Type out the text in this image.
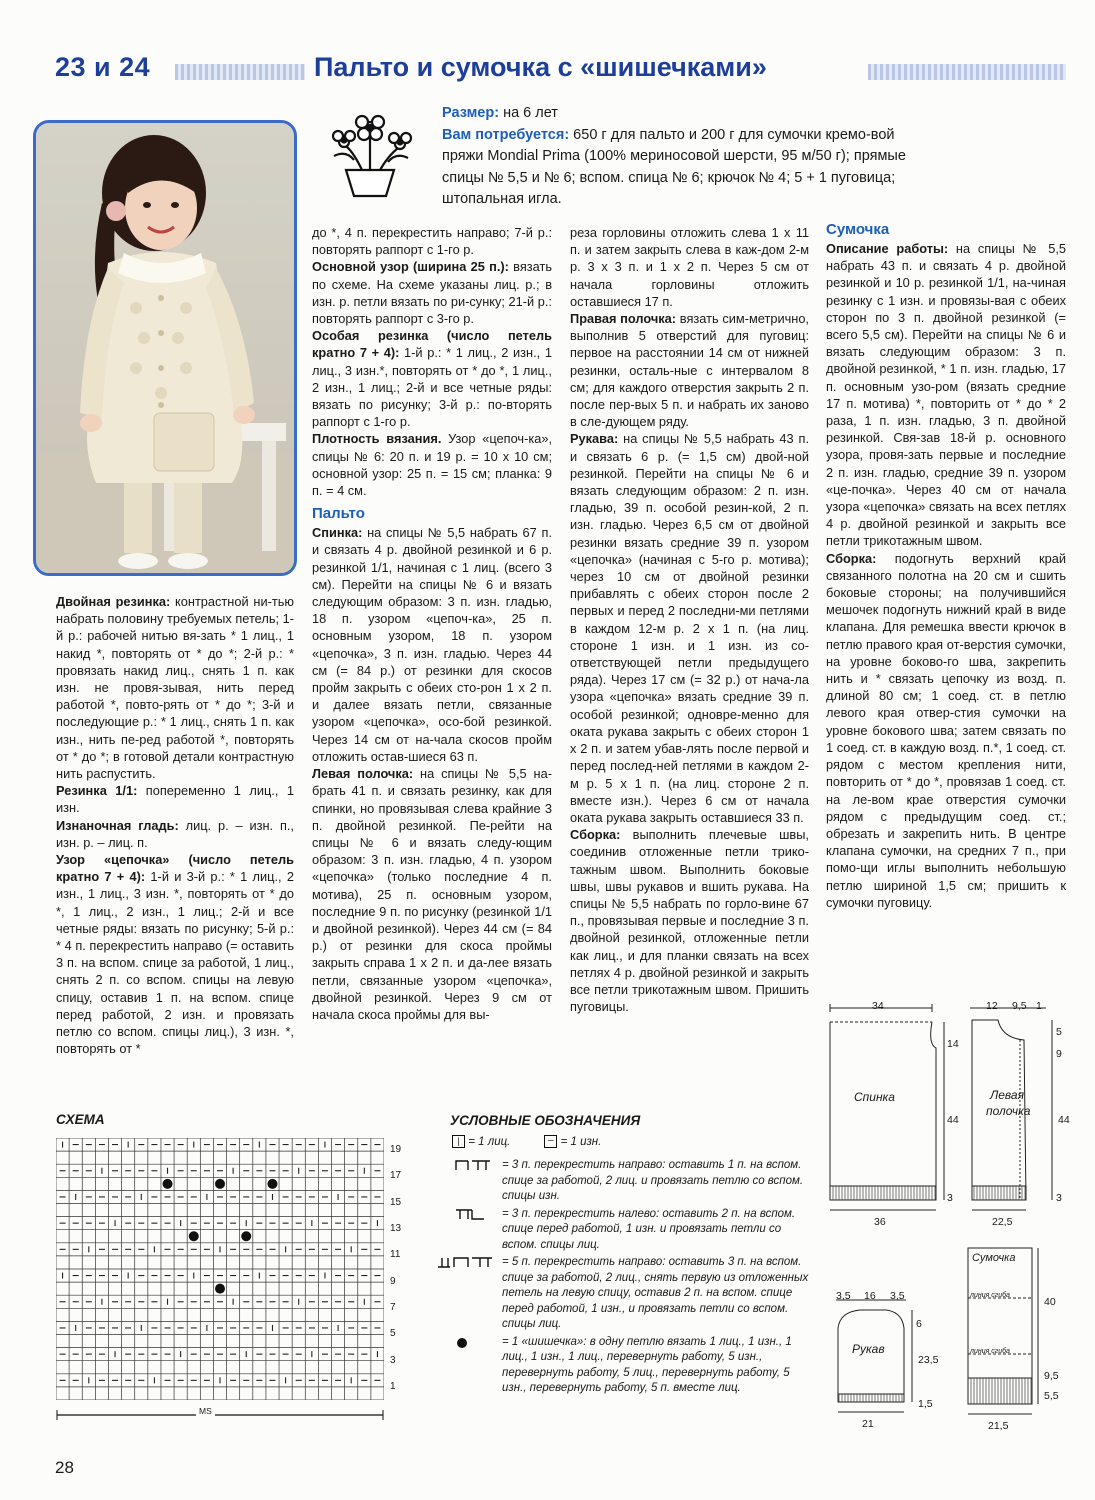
23 и 24	Пальто и сумочка с «шишечками»
Размер: на 6 лет
Вам потребуется: 650 г для пальто и 200 г для сумочки кремо-вой пряжи Mondial Prima (100% мериносовой шерсти, 95 м/50 г); прямые спицы № 5,5 и № 6; вспом. спица № 6; крючок № 4; 5 + 1 пуговица; штопальная игла.

до *, 4 п. перекрестить направо; 7-й р.: повторять раппорт с 1-го р.

Основной узор (ширина 25 п.): вязать по схеме. На схеме указаны лиц. р.; в изн. р. петли вязать по ри-сунку; 21-й р.: повторять раппорт с 3-го р.

Особая резинка (число петель кратно 7 + 4): 1-й р.: * 1 лиц., 2 изн., 1 лиц., 3 изн.*, повторять от * до *, 1 лиц., 2 изн., 1 лиц.; 2-й и все четные ряды: вязать по рисунку; 3-й р.: по-вторять раппорт с 1-го р.

Плотность вязания. Узор «цепоч-ка», спицы № 6: 20 п. и 19 р. = 10 х 10 см; основной узор: 25 п. = 15 см; планка: 9 п. = 4 см.

Пальто

Спинка: на спицы № 5,5 набрать 67 п. и связать 4 р. двойной резинкой и 6 р. резинкой 1/1, начиная с 1 лиц. (всего 3 см). Перейти на спицы № 6 и вязать следующим образом: 3 п. изн. гладью, 18 п. узором «цепоч-ка», 25 п. основным узором, 18 п. узором «цепочка», 3 п. изн. гладью. Через 44 см (= 84 р.) от резинки для скосов пройм закрыть с обеих сто-рон 1 х 2 п. и далее вязать петли, связанные узором «цепочка», осо-бой резинкой. Через 14 см от на-чала скосов пройм отложить остав-шиеся 63 п.

Левая полочка: на спицы № 5,5 на-брать 41 п. и связать резинку, как для спинки, но провязывая слева крайние 3 п. двойной резинкой. Пе-рейти на спицы № 6 и вязать следу-ющим образом: 3 п. изн. гладью, 4 п. узором «цепочка» (только последние 4 п. мотива), 25 п. основным узором, последние 9 п. по рисунку (резинкой 1/1 и двойной резинкой). Через 44 см (= 84 р.) от резинки для скоса проймы закрыть справа 1 х 2 п. и да-лее вязать петли, связанные узором «цепочка», двойной резинкой. Через 9 см от начала скоса проймы для вы-

реза горловины отложить слева 1 х 11 п. и затем закрыть слева в каж-дом 2-м р. 3 х 3 п. и 1 х 2 п. Через 5 см от начала горловины отложить оставшиеся 17 п.

Правая полочка: вязать сим-метрично, выполнив 5 отверстий для пуговиц: первое на расстоянии 14 см от нижней резинки, осталь-ные с интервалом 8 см; для каждого отверстия закрыть 2 п. после пер-вых 5 п. и набрать их заново в сле-дующем ряду.

Рукава: на спицы № 5,5 набрать 43 п. и связать 6 р. (= 1,5 см) двой-ной резинкой. Перейти на спицы № 6 и вязать следующим образом: 2 п. изн. гладью, 39 п. особой резин-кой, 2 п. изн. гладью. Через 6,5 см от двойной резинки вязать средние 39 п. узором «цепочка» (начиная с 5-го р. мотива); через 10 см от двойной резинки прибавлять с обеих сторон после 2 первых и перед 2 последни-ми петлями в каждом 12-м р. 2 х 1 п. (на лиц. стороне 1 изн. и 1 изн. из со-ответствующей петли предыдущего ряда). Через 17 см (= 32 р.) от нача-ла узора «цепочка» вязать средние 39 п. особой резинкой; одновре-менно для оката рукава закрыть с обеих сторон 1 х 2 п. и затем убав-лять после первой и перед послед-ней петлями в каждом 2-м р. 5 х 1 п. (на лиц. стороне 2 п. вместе изн.). Через 6 см от начала оката рукава закрыть оставшиеся 33 п.

Сборка: выполнить плечевые швы, соединив отложенные петли трико-тажным швом. Выполнить боковые швы, швы рукавов и вшить рукава. На спицы № 5,5 набрать по горло-вине 67 п., провязывая первые и последние 3 п. двойной резинкой, отложенные петли как лиц., и для планки связать на всех петлях 4 р. двойной резинкой и закрыть все петли трикотажным швом. Пришить пуговицы.

Сумочка

Описание работы: на спицы № 5,5 набрать 43 п. и связать 4 р. двойной резинкой и 10 р. резинкой 1/1, на-чиная резинку с 1 изн. и провязы-вая с обеих сторон по 3 п. двойной резинкой (= всего 5,5 см). Перейти на спицы № 6 и вязать следующим образом: 3 п. двойной резинкой, * 1 п. изн. гладью, 17 п. основным узо-ром (вязать средние 17 п. мотива) *, повторить от * до * 2 раза, 1 п. изн. гладью, 3 п. двойной резинкой. Свя-зав 18-й р. основного узора, провя-зать первые и последние 2 п. изн. гладью, средние 39 п. узором «це-почка». Через 40 см от начала узора «цепочка» связать на всех петлях 4 р. двойной резинкой и закрыть все петли трикотажным швом.

Сборка: подогнуть верхний край связанного полотна на 20 см и сшить боковые стороны; на получившийся мешочек подогнуть нижний край в виде клапана. Для ремешка ввести крючок в петлю правого края от-верстия сумочки, на уровне боково-го шва, закрепить нить и * связать цепочку из возд. п. длиной 80 см; 1 соед. ст. в петлю левого края отвер-стия сумочки на уровне бокового шва; затем связать по 1 соед. ст. в каждую возд. п.*, 1 соед. ст. рядом с местом крепления нити, повторить от * до *, провязав 1 соед. ст. на ле-вом крае отверстия сумочки рядом с предыдущим соед. ст.; обрезать и закрепить нить. В центре клапана сумочки, на средних 7 п., при помо-щи иглы выполнить небольшую петлю шириной 1,5 см; пришить к сумочки пуговицу.

Двойная резинка: контрастной ни-тью набрать половину требуемых петель; 1-й р.: рабочей нитью вя-зать * 1 лиц., 1 накид *, повторять от * до *; 2-й р.: * провязать накид лиц., снять 1 п. как изн. не провя-зывая, нить перед работой *, повто-рять от * до *; 3-й и последующие р.: * 1 лиц., снять 1 п. как изн., нить пе-ред работой *, повторять от * до *; в готовой детали контрастную нить распустить.

Резинка 1/1: попеременно 1 лиц., 1 изн.

Изнаночная гладь: лиц. р. – изн. п., изн. р. – лиц. п.

Узор «цепочка» (число петель кратно 7 + 4): 1-й и 3-й р.: * 1 лиц., 2 изн., 1 лиц., 3 изн. *, повторять от * до *, 1 лиц., 2 изн., 1 лиц.; 2-й и все четные ряды: вязать по рисунку; 5-й р.: * 4 п. перекрестить направо (= оставить 3 п. на вспом. спице за работой, 1 лиц., снять 2 п. со вспом. спицы на левую спицу, оставив 1 п. на вспом. спице перед работой, 2 изн. и провязать петлю со вспом. спицы лиц.), 3 изн. *, повторять от *

СХЕМА
19
17
15
13
11
9
7
5
3
1
MS
УСЛОВНЫЕ ОБОЗНАЧЕНИЯ
| = 1 лиц.	– = 1 изн.
= 3 п. перекрестить направо: оставить 1 п. на вспом. спице за работой, 2 лиц. и провязать петлю со вспом. спицы изн.
= 3 п. перекрестить налево: оставить 2 п. на вспом. спице перед работой, 1 изн. и провязать петли со вспом. спицы лиц.
= 5 п. перекрестить направо: оставить 3 п. на вспом. спице за работой, 2 лиц., снять первую из отложенных петель на левую спицу, оставив 2 п. на вспом. спице перед работой, 1 изн., и провязать петли со вспом. спицы лиц.
= 1 «шишечка»: в одну петлю вязать 1 лиц., 1 изн., 1 лиц., 1 изн., 1 лиц., перевернуть работу, 5 изн., перевернуть работу, 5 лиц., перевернуть работу, 5 изн., перевернуть работу, 5 п. вместе лиц.
34
Спинка
14
44
3
36
12 9,5 1
5
9
Левая
полочка
44
3
22,5
3,5 16 3,5
Рукав
6
23,5
1,5
21
Сумочка
линия сгиба
линия сгиба
40
9,5
5,5
21,5
28
